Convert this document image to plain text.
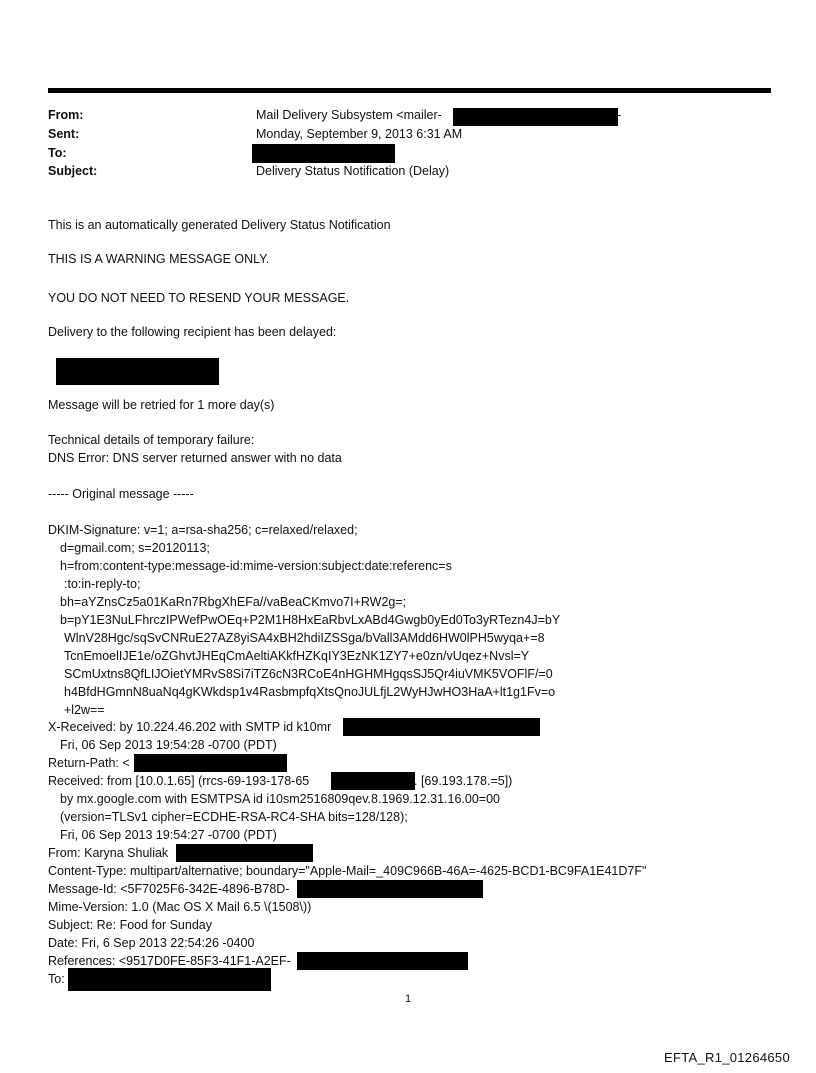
From:	Mail Delivery Subsystem <mailer-	-
Sent:	Monday, September 9, 2013 6:31 AM
To:
Subject:	Delivery Status Notification (Delay)
This is an automatically generated Delivery Status Notification
THIS IS A WARNING MESSAGE ONLY.
YOU DO NOT NEED TO RESEND YOUR MESSAGE.
Delivery to the following recipient has been delayed:
Message will be retried for 1 more day(s)
Technical details of temporary failure:
DNS Error: DNS server returned answer with no data
----- Original message -----
DKIM-Signature: v=1; a=rsa-sha256; c=relaxed/relaxed;
d=gmail.com; s=20120113;
h=from:content-type:message-id:mime-version:subject:date:referenc=s
:to:in-reply-to;
bh=aYZnsCz5a01KaRn7RbgXhEFa//vaBeaCKmvo7I+RW2g=;
b=pY1E3NuLFhrczIPWefPwOEq+P2M1H8HxEaRbvLxABd4Gwgb0yEd0To3yRTezn4J=bY
WlnV28Hgc/sqSvCNRuE27AZ8yiSA4xBH2hdiIZSSga/bVall3AMdd6HW0lPH5wyqa+=8
TcnEmoelIJE1e/oZGhvtJHEqCmAeltiAKkfHZKqIY3EzNK1ZY7+e0zn/vUqez+Nvsl=Y
SCmUxtns8QfLIJOietYMRvS8Si7iTZ6cN3RCoE4nHGHMHgqsSJ5Qr4iuVMK5VOFlF/=0
h4BfdHGmnN8uaNq4gKWkdsp1v4RasbmpfqXtsQnoJULfjL2WyHJwHO3HaA+lt1g1Fv=o
+l2w==
X-Received: by 10.224.46.202 with SMTP id k10mr
Fri, 06 Sep 2013 19:54:28 -0700 (PDT)
Return-Path: <
Received: from [10.0.1.65] (rrcs-69-193-178-65	. [69.193.178.=5])
by mx.google.com with ESMTPSA id i10sm2516809qev.8.1969.12.31.16.00=00
(version=TLSv1 cipher=ECDHE-RSA-RC4-SHA bits=128/128);
Fri, 06 Sep 2013 19:54:27 -0700 (PDT)
From: Karyna Shuliak
Content-Type: multipart/alternative; boundary="Apple-Mail=_409C966B-46A=-4625-BCD1-BC9FA1E41D7F"
Message-Id: <5F7025F6-342E-4896-B78D-
Mime-Version: 1.0 (Mac OS X Mail 6.5 \(1508\))
Subject: Re: Food for Sunday
Date: Fri, 6 Sep 2013 22:54:26 -0400
References: <9517D0FE-85F3-41F1-A2EF-
To:
1
EFTA_R1_01264650
